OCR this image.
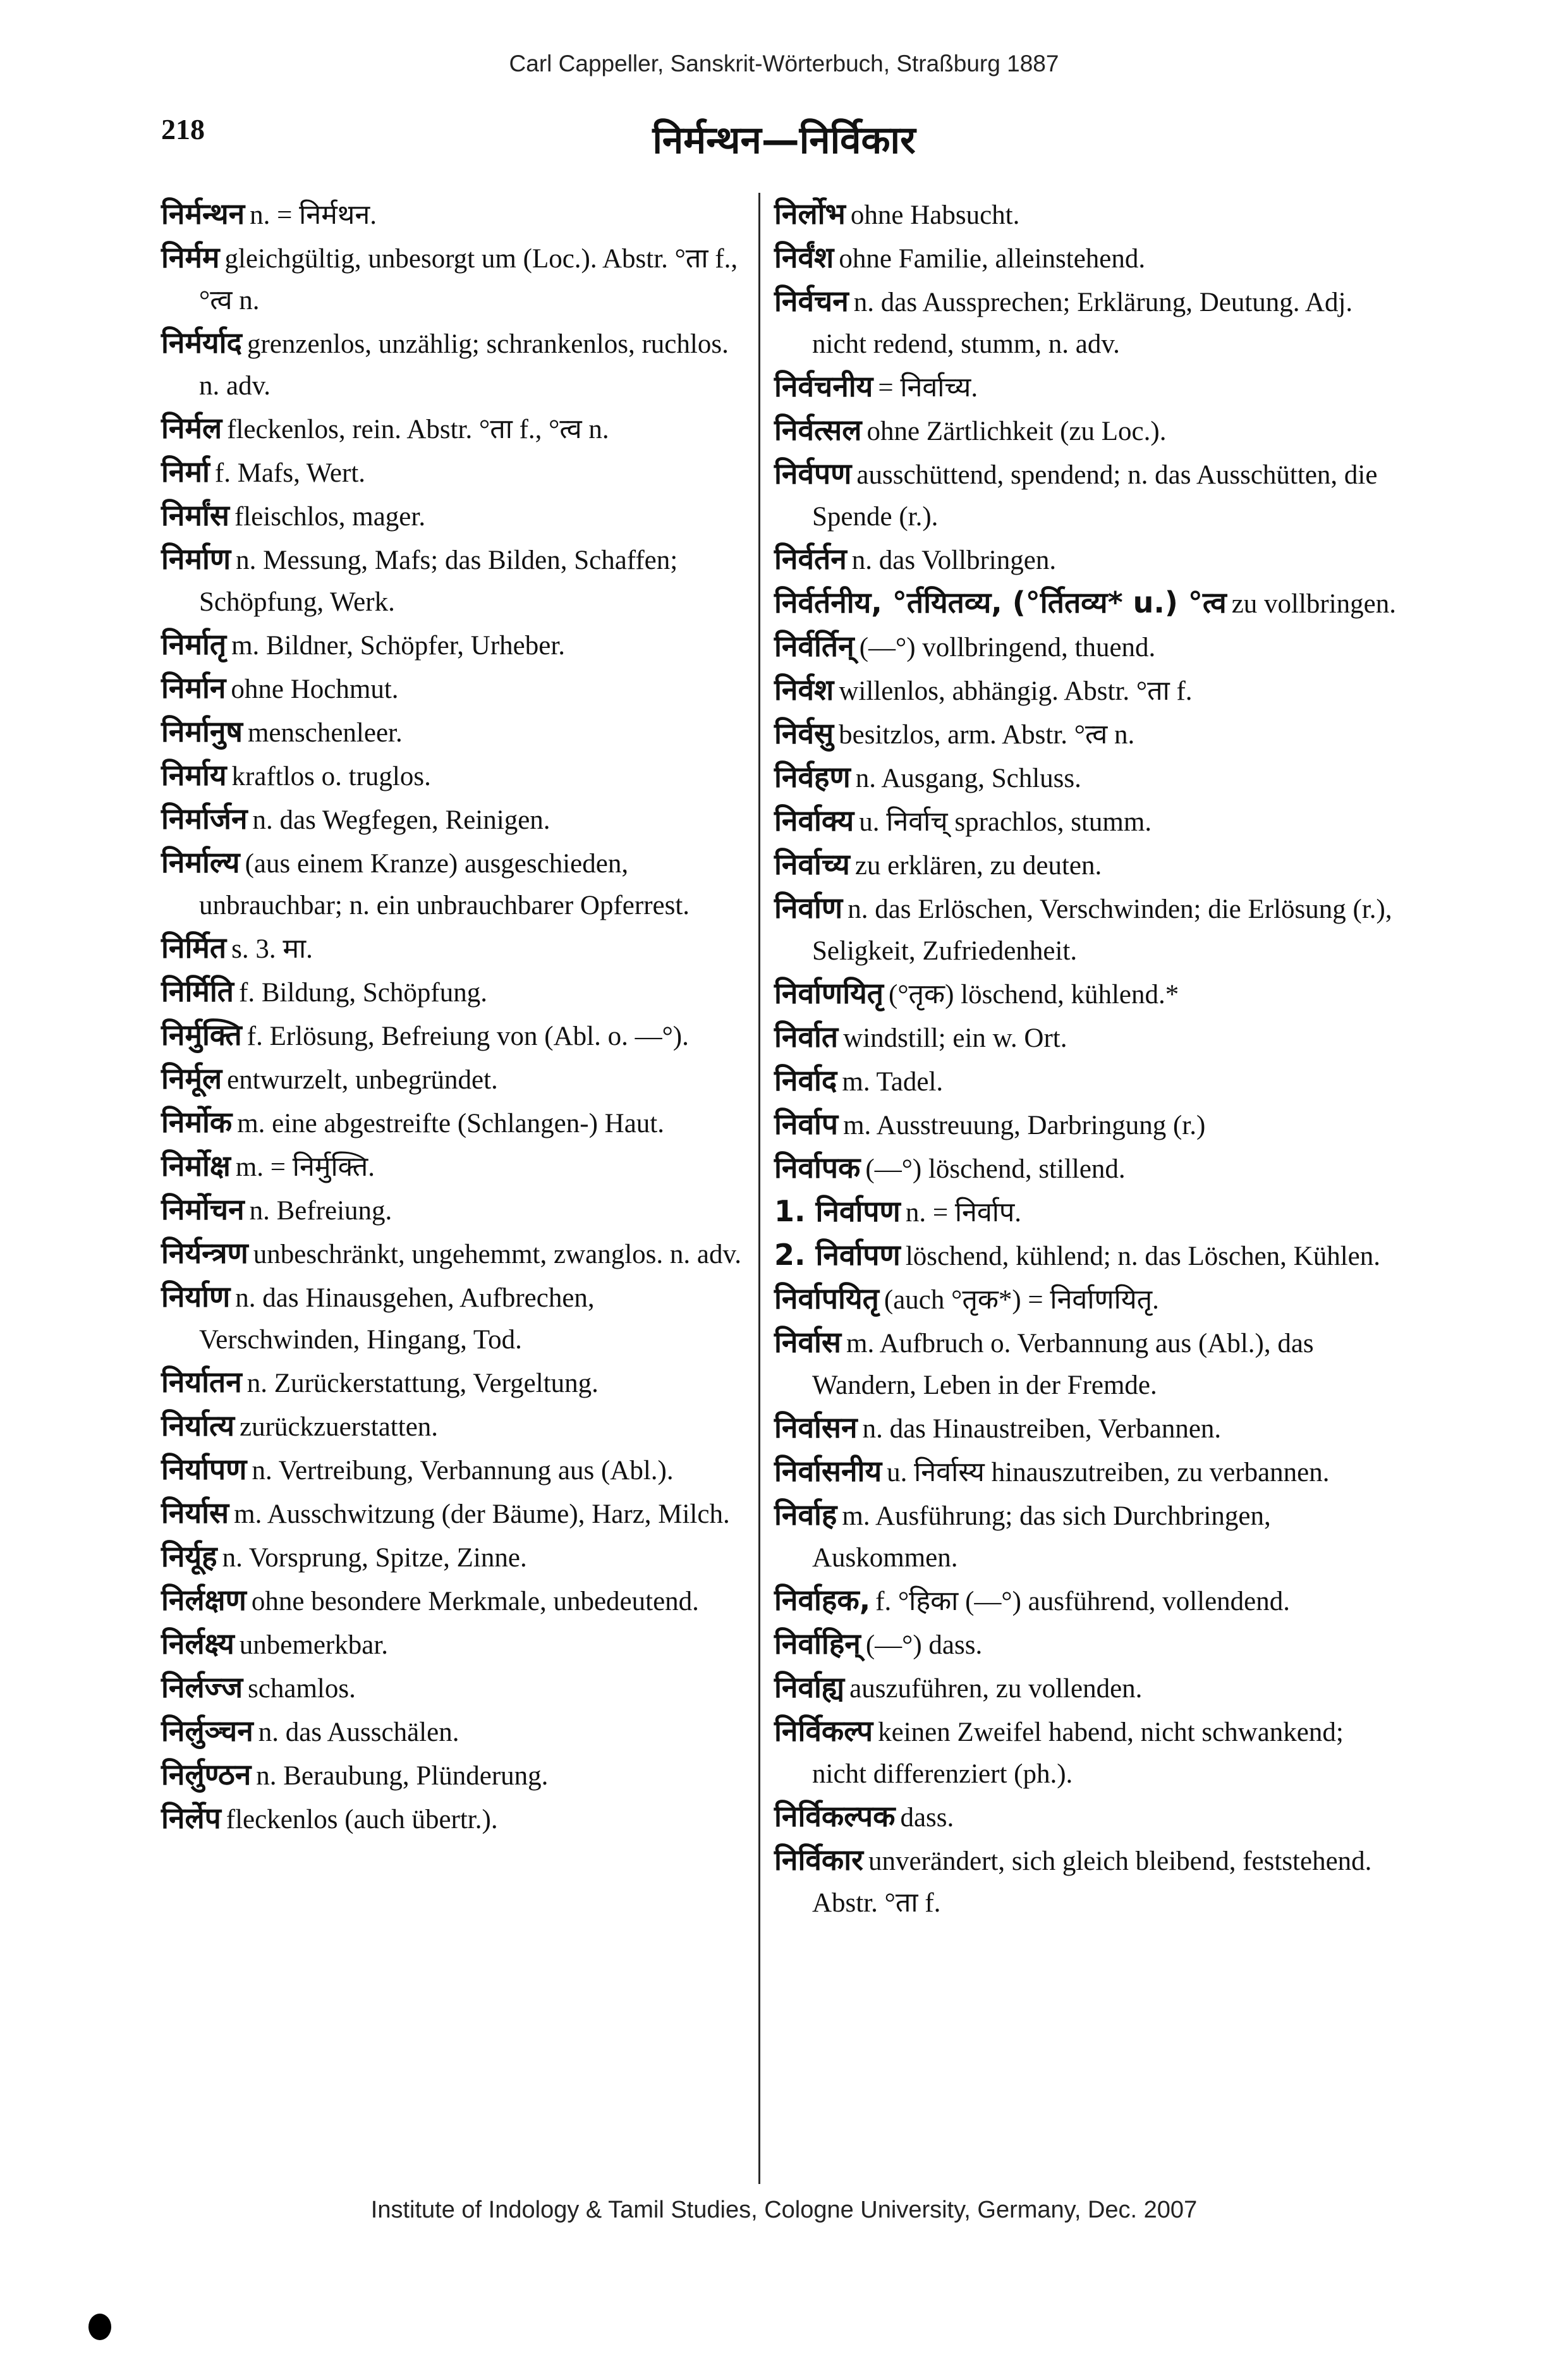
Carl Cappeller, Sanskrit-Wörterbuch, Straßburg 1887
218	निर्मन्थन—निर्विकार
निर्मन्थन n. = निर्मथन.
निर्मम gleichgültig, unbesorgt um (Loc.). Abstr. °ता f., °त्व n.
निर्मर्याद grenzenlos, unzählig; schrankenlos, ruchlos. n. adv.
निर्मल fleckenlos, rein. Abstr. °ता f., °त्व n.
निर्मा f. Mafs, Wert.
निर्मांस fleischlos, mager.
निर्माण n. Messung, Mafs; das Bilden, Schaffen; Schöpfung, Werk.
निर्मातृ m. Bildner, Schöpfer, Urheber.
निर्मान ohne Hochmut.
निर्मानुष menschenleer.
निर्माय kraftlos o. truglos.
निर्मार्जन n. das Wegfegen, Reinigen.
निर्माल्य (aus einem Kranze) ausgeschieden, unbrauchbar; n. ein unbrauchbarer Opferrest.
निर्मित s. 3. मा.
निर्मिति f. Bildung, Schöpfung.
निर्मुक्ति f. Erlösung, Befreiung von (Abl. o. —°).
निर्मूल entwurzelt, unbegründet.
निर्मोक m. eine abgestreifte (Schlangen-) Haut.
निर्मोक्ष m. = निर्मुक्ति.
निर्मोचन n. Befreiung.
निर्यन्त्रण unbeschränkt, ungehemmt, zwanglos. n. adv.
निर्याण n. das Hinausgehen, Aufbrechen, Verschwinden, Hingang, Tod.
निर्यातन n. Zurückerstattung, Vergeltung.
निर्यात्य zurückzuerstatten.
निर्यापण n. Vertreibung, Verbannung aus (Abl.).
निर्यास m. Ausschwitzung (der Bäume), Harz, Milch.
निर्यूह n. Vorsprung, Spitze, Zinne.
निर्लक्षण ohne besondere Merkmale, unbedeutend.
निर्लक्ष्य unbemerkbar.
निर्लज्ज schamlos.
निर्लुञ्चन n. das Ausschälen.
निर्लुण्ठन n. Beraubung, Plünderung.
निर्लेप fleckenlos (auch übertr.).
निर्लोभ ohne Habsucht.
निर्वंश ohne Familie, alleinstehend.
निर्वचन n. das Aussprechen; Erklärung, Deutung. Adj. nicht redend, stumm, n. adv.
निर्वचनीय = निर्वाच्य.
निर्वत्सल ohne Zärtlichkeit (zu Loc.).
निर्वपण ausschüttend, spendend; n. das Ausschütten, die Spende (r.).
निर्वर्तन n. das Vollbringen.
निर्वर्तनीय, °र्तयितव्य, (°र्तितव्य* u.) °त्व zu vollbringen.
निर्वर्तिन् (—°) vollbringend, thuend.
निर्वश willenlos, abhängig. Abstr. °ता f.
निर्वसु besitzlos, arm. Abstr. °त्व n.
निर्वहण n. Ausgang, Schluss.
निर्वाक्य u. निर्वाच् sprachlos, stumm.
निर्वाच्य zu erklären, zu deuten.
निर्वाण n. das Erlöschen, Verschwinden; die Erlösung (r.), Seligkeit, Zufriedenheit.
निर्वाणयितृ (°तृक) löschend, kühlend.*
निर्वात windstill; ein w. Ort.
निर्वाद m. Tadel.
निर्वाप m. Ausstreuung, Darbringung (r.)
निर्वापक (—°) löschend, stillend.
1. निर्वापण n. = निर्वाप.
2. निर्वापण löschend, kühlend; n. das Löschen, Kühlen.
निर्वापयितृ (auch °तृक*) = निर्वाणयितृ.
निर्वास m. Aufbruch o. Verbannung aus (Abl.), das Wandern, Leben in der Fremde.
निर्वासन n. das Hinaustreiben, Verbannen.
निर्वासनीय u. निर्वास्य hinauszutreiben, zu verbannen.
निर्वाह m. Ausführung; das sich Durchbringen, Auskommen.
निर्वाहक, f. °हिका (—°) ausführend, vollendend.
निर्वाहिन् (—°) dass.
निर्वाह्य auszuführen, zu vollenden.
निर्विकल्प keinen Zweifel habend, nicht schwankend; nicht differenziert (ph.).
निर्विकल्पक dass.
निर्विकार unverändert, sich gleich bleibend, feststehend. Abstr. °ता f.
Institute of Indology & Tamil Studies, Cologne University, Germany, Dec. 2007
